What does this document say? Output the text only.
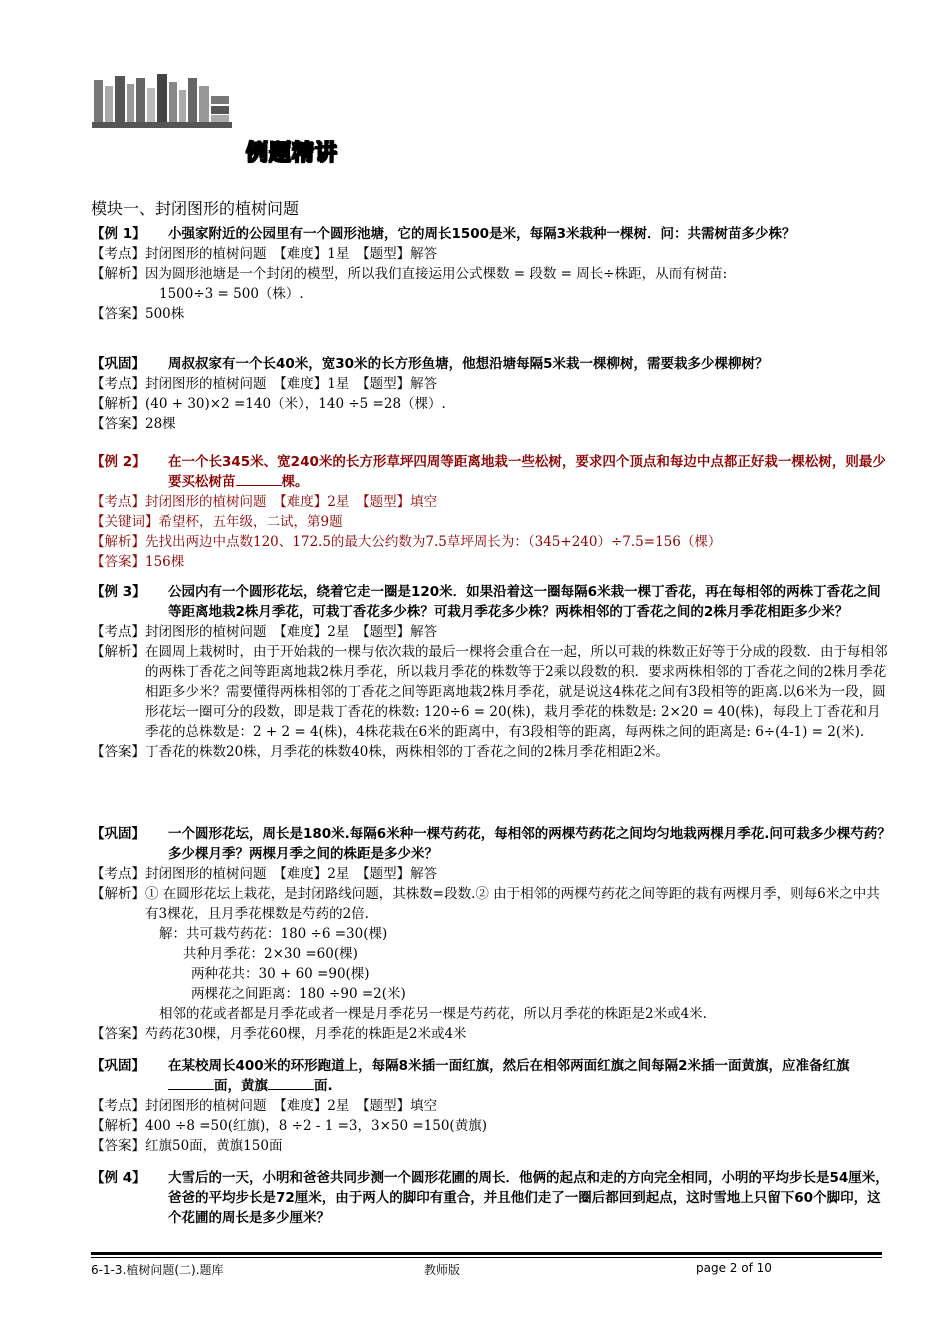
例题精讲
模块一、封闭图形的植树问题
【例 1】	小强家附近的公园里有一个圆形池塘，它的周长1500是米，每隔3米栽种一棵树．问：共需树苗多少株？
【考点】 封闭图形的植树问题　【难度】1星　【题型】解答
【解析】 因为圆形池塘是一个封闭的模型，所以我们直接运用公式棵数 = 段数 = 周长÷株距，从而有树苗:
1500÷3 = 500（株）.
【答案】 500株
【巩固】	周叔叔家有一个长40米，宽30米的长方形鱼塘，他想沿塘每隔5米栽一棵柳树，需要栽多少棵柳树？
【考点】 封闭图形的植树问题　【难度】1星　【题型】解答
【解析】 (40 + 30)×2 =140（米），140 ÷5 =28（棵）.
【答案】 28棵
【例 2】	在一个长345米、宽240米的长方形草坪四周等距离地栽一些松树，要求四个顶点和每边中点都正好栽一棵松树，则最少要买松树苗	棵。
【考点】 封闭图形的植树问题　【难度】2星　【题型】填空
【关键词】 希望杯，五年级，二试，第9题
【解析】 先找出两边中点数120、172.5的最大公约数为7.5草坪周长为：（345+240）÷7.5=156（棵）
【答案】 156棵
【例 3】	公园内有一个圆形花坛，绕着它走一圈是120米．如果沿着这一圈每隔6米栽一棵丁香花，再在每相邻的两株丁香花之间等距离地栽2株月季花，可栽丁香花多少株？可栽月季花多少株？两株相邻的丁香花之间的2株月季花相距多少米？
【考点】 封闭图形的植树问题　【难度】2星　【题型】解答
【解析】 在圆周上栽树时，由于开始栽的一棵与依次栽的最后一棵将会重合在一起，所以可栽的株数正好等于分成的段数．由于每相邻的两株丁香花之间等距离地栽2株月季花，所以栽月季花的株数等于2乘以段数的积．要求两株相邻的丁香花之间的2株月季花相距多少米？需要懂得两株相邻的丁香花之间等距离地栽2株月季花，就是说这4株花之间有3段相等的距离.以6米为一段，圆形花坛一圈可分的段数，即是栽丁香花的株数: 120÷6 = 20(株)，栽月季花的株数是: 2×20 = 40(株)，每段上丁香花和月季花的总株数是：2 + 2 = 4(株)，4株花栽在6米的距离中，有3段相等的距离，每两株之间的距离是: 6÷(4-1) = 2(米).
【答案】 丁香花的株数20株，月季花的株数40株，两株相邻的丁香花之间的2株月季花相距2米。
【巩固】	一个圆形花坛，周长是180米.每隔6米种一棵芍药花，每相邻的两棵芍药花之间均匀地栽两棵月季花.问可栽多少棵芍药？多少棵月季？两棵月季之间的株距是多少米？
【考点】 封闭图形的植树问题　【难度】2星　【题型】解答
【解析】 ① 在圆形花坛上栽花，是封闭路线问题，其株数=段数.② 由于相邻的两棵芍药花之间等距的栽有两棵月季，则每6米之中共有3棵花，且月季花棵数是芍药的2倍.
解：共可栽芍药花：180 ÷6 =30(棵)
共种月季花：2×30 =60(棵)
两种花共：30 + 60 =90(棵)
两棵花之间距离：180 ÷90 =2(米)
相邻的花或者都是月季花或者一棵是月季花另一棵是芍药花，所以月季花的株距是2米或4米.
【答案】 芍药花30棵，月季花60棵，月季花的株距是2米或4米
【巩固】	在某校周长400米的环形跑道上，每隔8米插一面红旗，然后在相邻两面红旗之间每隔2米插一面黄旗，应准备红旗面，黄旗	面.
【考点】 封闭图形的植树问题　【难度】2星　【题型】填空
【解析】 400 ÷8 =50(红旗)，8 ÷2 - 1 =3，3×50 =150(黄旗)
【答案】 红旗50面，黄旗150面
【例 4】	大雪后的一天，小明和爸爸共同步测一个圆形花圃的周长．他俩的起点和走的方向完全相同，小明的平均步长是54厘米，爸爸的平均步长是72厘米，由于两人的脚印有重合，并且他们走了一圈后都回到起点，这时雪地上只留下60个脚印，这个花圃的周长是多少厘米？
6-1-3.植树问题(二).题库	教师版	page 2 of 10
